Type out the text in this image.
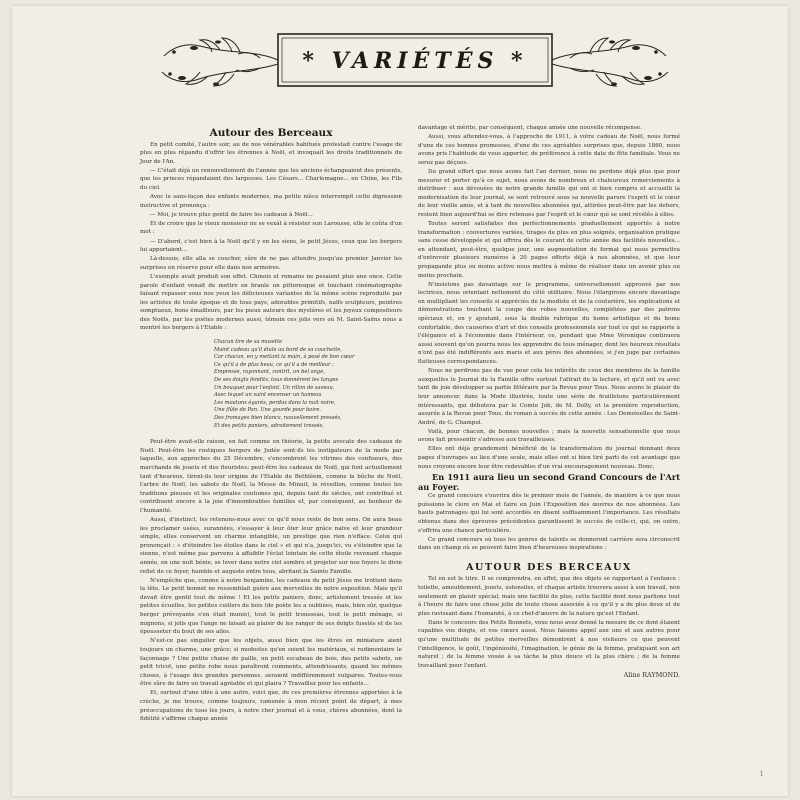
* VARIÉTÉS *

Autour des Berceaux

En petit comité, l'autre soir, au de nos vénérables habitués protestait contre l'usage de plus en plus répandu d'offrir les étrennes à Noël, et invoquait les droits traditionnels du Jour de l'An.

— C'était déjà un renouvellement de l'année que les anciens échangeaient des présents, que les princes répandaient des largesses. Les Césars... Charlemagne... en Chine, les Fils du ciel.

Avec le sans-façon des enfants modernes, ma petite nièce interrompit cette digression instructive et prononça :

— Moi, je trouve plus gentil de faire les cadeaux à Noël...

Et de croire que le vieux monsieur ne se vexât à résister son Larousse, elle le coûta d'un mot :

— D'abord, c'est bien à la Noël qu'il y en les siens, le petit Jésus, ceux que les bergers lui apportaient...

Là-dessus, elle alla se coucher, sûre de ne pas attendre jusqu'au premier Janvier les surprises en réserve pour elle dans nos armoires.

L'exemple avait produit son effet. Chinois et romains ne pesaient plus une once. Cette parole d'enfant venait de mettre en branle un pittoresque et touchant cinématographe faisant repasser sous nos yeux les délicieuses variantes de la même scène reproduite par les artistes de toute époque et de tous pays, adorables primitifs, naïfs sculpteurs, peintres somptueux, bons émailleurs, par les pieux auteurs des mystères et les joyeux compositeurs des Noëls, par les poètes modernes aussi, témoin ces jolis vers où M. Saint-Saëns nous a montré les bergers à l'Etable :

Chacun tire de sa musette
Maint cadeau qu'il étale au bord de sa couchette,
Car chacun, en y mettant la main, à posé de bon cœur
Ce qu'il a de plus beau, ce qu'il a de meilleur :
Empresse, rayonnant, contrit, un bel ange,
De ses doigts fendits, tous donnèrent les tanges
Un bouquet pour l'enfant. Un rillon de saveau,
Avec lequel un saint encenser un hameau
Les moutons égarés, perdus dans la nuit noire,
Une flûte de Pan. Une gourde pour boire.
Des fromages bien blancs, nouvellement pressés,
Et des petits paniers, adroitement tressés.

Peut-être avait-elle raison, en fait comme en théorie, la petite avocate des cadeaux de Noël. Peut-être les rustiques bergers de Judée sont-ils les instigateurs de la mode par laquelle, aux approches du 25 Décembre, s'encombrent les vitrines des confiseurs, des marchands de jouets et des fleuristes; peut-être les cadeaux de Noël, qui font actuellement tant d'heureux, tirent-ils leur origine de l'Etable de Bethléem, comme la bûche de Noël, l'arbre de Noël, les sabots de Noël, la Messe de Minuit, le réveillon, comme toutes les traditions pieuses et les originales coutumes qui, depuis tant de siècles, ont contribué et contribuent encore à la joie d'innombrables familles et, par conséquent, au bonheur de l'humanité.

Aussi, d'instinct, les retenons-nous avec ce qu'il nous reste de bon sens. On aura beau les proclamer usées, surannées, s'essayer à leur ôter leur grâce naïve et leur grandeur simple, elles conservent un charme intangible, un prestige que rien n'efface. Celui qui prononçait : « d'éteindre les étoiles dans le ciel » et qui n'a, jusqu'ici, vu s'éteindre que la sienne, n'est même pas parvenu à affaiblir l'éclat lointain de cette étoile revenant chaque année, en une nuit bénie, se lever dans notre ciel sombre et projeter sur nos foyers le divin reflet de ce foyer, humble et auguste entre tous, abritant la Sainte Famille.

N'empêche que, comme à notre benjamine, les cadeaux du petit Jésus me trottent dans la tête. Le petit bonnet ne ressemblait guère aux merveilles de notre exposition. Mais qu'il devait être gentil tout de même ! Et les petits paniers, donc, artistement tressés et les petites écuelles, les petites cuillers de bois (de poète les a oubliées, mais, bien sûr, quelque berger prévoyante s'en était munie), tout le petit trousseau, tout le petit ménage, si mignons, si jolis que l'ange ne faisait au plaisir de les ranger de ses doigts fuselés et de les épousseter du bout de ses ailes.

N'est-ce pas singulier que les objets, aussi bien que les êtres en miniature aient toujours un charme, une grâce; si modestes qu'en soient les matériaux, si rudimentaire le façonnage ? Une petite chaise de paille, un petit escabeau de bois, des petits sabots, un petit tricot, une petite robe nous paraîtront comments, attendrissants, quand les mêmes choses, à l'usage des grandes personnes, seraient indifféremment vulgaires. Toutes-vous être sûre de faire un travail agréable et qui plaira ? Travaillez pour les enfants...

Et, surtout d'une idée à une autre, voici que, de ces premières étrennes apportées à la crèche, je me trouve, comme toujours, ramenée à mon récent point de départ, à mes préoccupations de tous les jours, à notre cher journal et à vous, chères abonnées, dont la fidélité s'affirme chaque année

davantage et mérite, par conséquent, chaque année une nouvelle récompense.

Aussi, vous attendez-vous, à l'approche de 1911, à votre cadeau de Noël, nous formé d'une de ces bonnes promesses, d'une de ces agréables surprises que, depuis 1860, nous avons pris l'habitude de vous apporter, de préférence à cette date de fête familiale. Vous ne serez pas déçues.

Du grand effort que nous avons fait l'an dernier, nous ne perdons déjà plus que pour mesurer et porter qu'à ce sujet, nous avons de nombreux et chaleureux remerciements à distribuer : aux dévouées de notre grande famille qui ont si bien compris et accueilli la modernisation de leur journal, se sont retrouvé sous sa nouvelle parure l'esprit et le cœur de leur vieille amie, et à tant de nouvelles abonnées qui, attirées peut-être par les dehors, restent bien aujourd'hui se dire retenues par l'esprit et le cœur qui se sont révélés à elles.

Toutes seront satisfaites des perfectionnements graduellement apportés à notre transformation : couvertures variées, tirages de plus en plus soignés, organisation pratique sans cesse développée et qui offrira dès le courant de cette année des facilités nouvelles... en attendant, peut-être, quelque jour, une augmentation de format qui nous permettra d'entrevoir plusieurs numéros à 20 pages offerts déjà à nos abonnées, et que leur propagande plus ou moins active nous mettra à même de réaliser dans un avenir plus ou moins prochain.

N'insistons pas davantage sur le programme, universellement approuvé par nos lectrices, nous orientant nettement du côté utilitaire. Nous l'élargirons encore davantage en multipliant les conseils si appréciés de la modiste et de la couturière, les explications et démonstrations touchant la coupe des robes nouvelles, complétées par des patrons spéciaux et, en y ajoutant, sous la double rubrique du home artistique et du home confortable, des causeries d'art et des conseils professionnels sur tout ce qui se rapporte à l'élégance et à l'économie dans l'intérieur, ce, pendant que Mme Véronique continuera aussi souvent qu'on pourra nous les apprendre de tous ménager, dont les heureux résultats n'ont pas été indifférents aux maris et aux pères des abonnées, si j'en juge par certaines flatteuses correspondances.

Nous ne perdrons pas de vue pour cela les intérêts de ceux des membres de la famille auxquelles le Journal de la Famille offre surtout l'attrait de la lecture, et qu'il ont vu avec tant de joie développer sa partie littéraire par la Revue pour Tous. Nous avons le plaisir de leur annoncer, dans la Mode illustrée, toute une série de feuilletons particulièrement intéressants, qui débutera par le Comte Job, de M. Dolly, et la première reproduction, assurée à la Revue pour Tous, du roman à succès de cette année : Les Demoiselles de Saint-André, de G. Champol.

Voilà, pour chacun, de bonnes nouvelles ; mais la nouvelle sensationnelle que nous avons fait pressentir s'adresse aux travailleuses.

Elles ont déjà grandement bénéficié de la transformation du journal donnant deux pages d'ouvrages au lieu d'une seule, mais elles ont si bien tiré parti de cet avantage que nous croyons encore leur être redevables d'un vrai encouragement nouveau. Donc,

En 1911 aura lieu un second Grand Concours de l'Art au Foyer.

Ce grand concours s'ouvrira dès le premier mois de l'année, de manière à ce que nous puissions le clore en Mai et faire en Juin l'Exposition des œuvres de nos abonnées. Les hauts patronages qui lui sont accordés en disent suffisamment l'importance. Les résultats obtenus dans des épreuves précédentes garantissent le succès de celle-ci, qui, on outre, s'offrira une chance particulière.

Ce grand concours où tous les genres de talents se donneront carrière sera circonscrit dans un champ où se peuvent faire bien d'heureuses inspirations :

AUTOUR DES BERCEAUX

Tel en est le titre. Il se comprendra, en effet, que des objets se rapportant à l'enfance : toilette, ameublement, jouets, ustensiles, et chaque artiste trouvera aussi à son travail, non seulement un plaisir spécial, mais une facilité de plus, cette facilité dont nous parlions tout à l'heure de faire une chose jolie de toute chose associée à ce qu'il y a de plus doux et de plus ravissant dans l'humanité, à ce chef-d'œuvre de la nature qu'est l'Enfant.

Dans le concours des Petits Bonnets, vous nous avez donné la mesure de ce dont étaient capables vos doigts, et vos cœurs aussi. Nous faisons appel aux uns et aux autres pour qu'une multitude de petites merveilles démontrent à nos visiteurs ce que peuvent l'intelligence, le goût, l'ingéniosité, l'imagination, le génie de la femme, pratiquant son art naturel ; de la femme vouée à sa tâche la plus douce et la plus chère ; de la femme travaillant pour l'enfant.

Aline RAYMOND.

1
